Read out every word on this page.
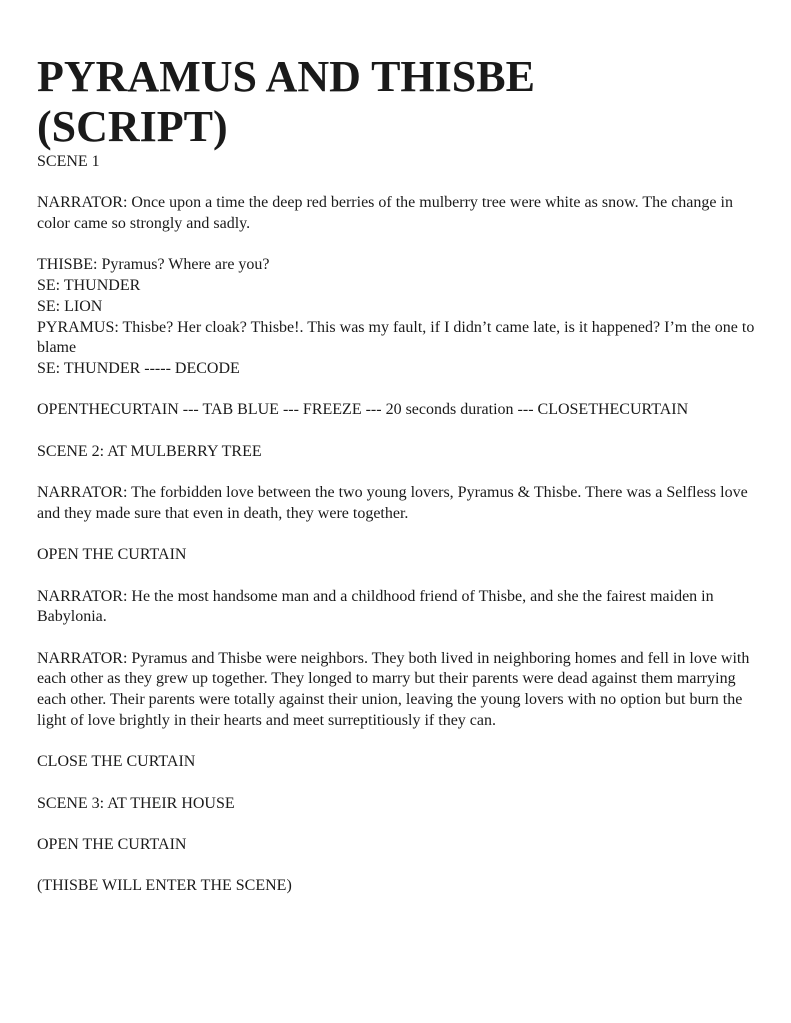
PYRAMUS AND THISBE
(SCRIPT)

SCENE 1

NARRATOR: Once upon a time the deep red berries of the mulberry tree were white as snow. The change in color came so strongly and sadly.

THISBE: Pyramus? Where are you?

SE: THUNDER

SE: LION

PYRAMUS: Thisbe? Her cloak? Thisbe!. This was my fault, if I didn’t came late, is it happened? I’m the one to blame

SE: THUNDER ----- DECODE

OPENTHECURTAIN --- TAB BLUE --- FREEZE --- 20 seconds duration --- CLOSETHECURTAIN

SCENE 2: AT MULBERRY TREE

NARRATOR: The forbidden love between the two young lovers, Pyramus & Thisbe. There was a Selfless love and they made sure that even in death, they were together.

OPEN THE CURTAIN

NARRATOR: He the most handsome man and a childhood friend of Thisbe, and she the fairest maiden in Babylonia.

NARRATOR: Pyramus and Thisbe were neighbors. They both lived in neighboring homes and fell in love with each other as they grew up together. They longed to marry but their parents were dead against them marrying each other. Their parents were totally against their union, leaving the young lovers with no option but burn the light of love brightly in their hearts and meet surreptitiously if they can.

CLOSE THE CURTAIN

SCENE 3: AT THEIR HOUSE

OPEN THE CURTAIN

(THISBE WILL ENTER THE SCENE)
